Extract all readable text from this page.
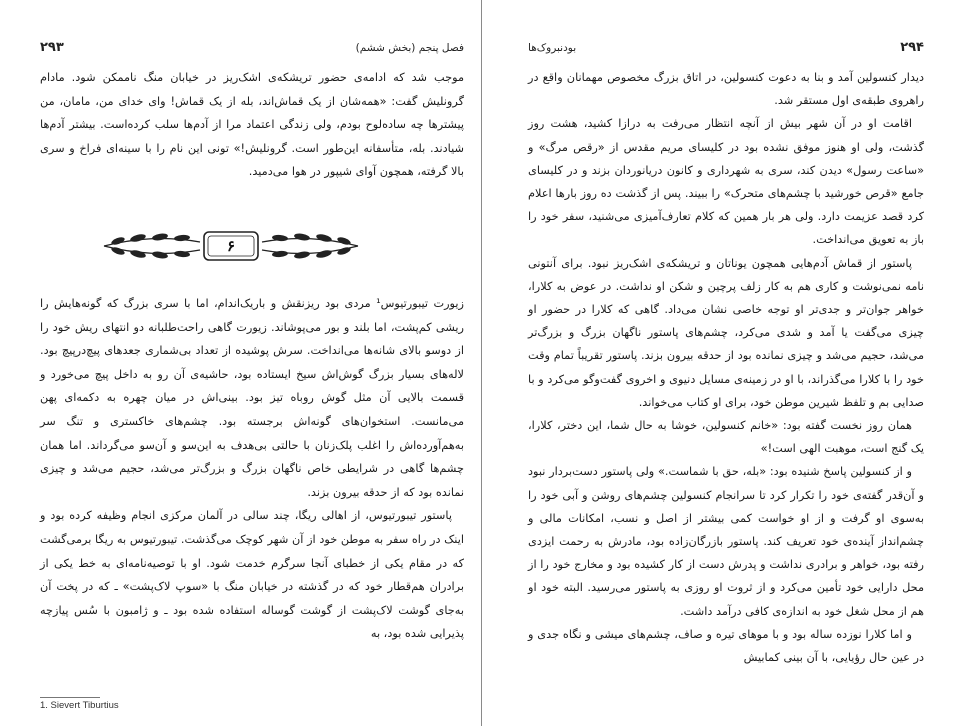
۲۹۳	فصل پنجم (بخش ششم)

موجب شد که ادامه‌ی حضور تریشکه‌ی اشک‌ریز در خیابان منگ ناممکن شود. مادام گرونلیش گفت: «همه‌شان از یک قماش‌اند، بله از یک قماش! وای خدای من، مامان، من پیشترها چه ساده‌لوح بودم، ولی زندگی اعتماد مرا از آدم‌ها سلب کرده‌است. بیشتر آدم‌ها شیادند. بله، متأسفانه این‌طور است. گرونلیش!» تونی این نام را با سینه‌ای فراخ و سری بالا گرفته، همچون آوای شیپور در هوا می‌دمید.

۶

زیورت تیبورتیوس¹ مردی بود ریزنقش و باریک‌اندام، اما با سری بزرگ که گونه‌هایش را ریشی کم‌پشت، اما بلند و بور می‌پوشاند. زیورت گاهی راحت‌طلبانه دو انتهای ریش خود را از دوسو بالای شانه‌ها می‌انداخت. سرش پوشیده از تعداد بی‌شماری جعدهای پیچ‌درپیچ بود. لاله‌های بسیار بزرگ گوش‌اش سیخ ایستاده بود، حاشیه‌ی آن رو به داخل پیچ می‌خورد و قسمت بالایی آن مثل گوش روباه تیز بود. بینی‌اش در میان چهره به دکمه‌ای پهن می‌مانست. استخوان‌های گونه‌اش برجسته بود. چشم‌های خاکستری و تنگ سر به‌هم‌آورده‌اش را اغلب پلک‌زنان با حالتی بی‌هدف به این‌سو و آن‌سو می‌گرداند. اما همان چشم‌ها گاهی در شرایطی خاص ناگهان بزرگ و بزرگ‌تر می‌شد، حجیم می‌شد و چیزی نمانده بود که از حدقه بیرون بزند.

پاستور تیبورتیوس، از اهالی ریگا، چند سالی در آلمان مرکزی انجام وظیفه کرده بود و اینک در راه سفر به موطن خود از آن شهر کوچک می‌گذشت. تیبورتیوس به ریگا برمی‌گشت که در مقام یکی از خطبای آنجا سرگرم خدمت شود. او با توصیه‌نامه‌ای به خط یکی از برادران هم‌قطار خود که در گذشته در خیابان منگ با «سوپ لاک‌پشت» ـ که در پخت آن به‌جای گوشت لاک‌پشت از گوشت گوساله استفاده شده بود ـ و ژامبون با سُس پیازچه پذیرایی شده بود، به

1. Sievert Tiburtius
۲۹۴
بودنبروک‌ها

دیدار کنسولین آمد و بنا به دعوت کنسولین، در اتاق بزرگ مخصوص مهمانان واقع در راهروی طبقه‌ی اول مستقر شد.

اقامت او در آن شهر بیش از آنچه انتظار می‌رفت به درازا کشید، هشت روز گذشت، ولی او هنوز موفق نشده بود در کلیسای مریم مقدس از «رقص مرگ» و «ساعت رسول» دیدن کند، سری به شهرداری و کانون دریانوردان بزند و در کلیسای جامع «قرص خورشید با چشم‌های متحرک» را ببیند. پس از گذشت ده روز بارها اعلام کرد قصد عزیمت دارد. ولی هر بار همین که کلام تعارف‌آمیزی می‌شنید، سفر خود را باز به تعویق می‌انداخت.

پاستور از قماش آدم‌هایی همچون یوناتان و تریشکه‌ی اشک‌ریز نبود. برای آنتونی نامه نمی‌نوشت و کاری هم به کار زلف پرچین و شکن او نداشت. در عوض به کلارا، خواهر جوان‌تر و جدی‌تر او توجه خاصی نشان می‌داد. گاهی که کلارا در حضور او چیزی می‌گفت یا آمد و شدی می‌کرد، چشم‌های پاستور ناگهان بزرگ و بزرگ‌تر می‌شد، حجیم می‌شد و چیزی نمانده بود از حدقه بیرون بزند. پاستور تقریباً تمام وقت خود را با کلارا می‌گذراند، با او در زمینه‌ی مسایل دنیوی و اخروی گفت‌وگو می‌کرد و با صدایی بم و تلفظ شیرین موطن خود، برای او کتاب می‌خواند.

همان روز نخست گفته بود: «خانم کنسولین، خوشا به حال شما، این دختر، کلارا، یک گنج است، موهبت الهی است!»

و از کنسولین پاسخ شنیده بود: «بله، حق با شماست.» ولی پاستور دست‌بردار نبود و آن‌قدر گفته‌ی خود را تکرار کرد تا سرانجام کنسولین چشم‌های روشن و آبی خود را به‌سوی او گرفت و از او خواست کمی بیشتر از اصل و نسب، امکانات مالی و چشم‌انداز آینده‌ی خود تعریف کند. پاستور بازرگان‌زاده بود، مادرش به رحمت ایزدی رفته بود، خواهر و برادری نداشت و پدرش دست از کار کشیده بود و مخارج خود را از محل دارایی خود تأمین می‌کرد و از ثروت او روزی به پاستور می‌رسید. البته خود او هم از محل شغل خود به اندازه‌ی کافی درآمد داشت.

و اما کلارا نوزده ساله بود و با موهای تیره و صاف، چشم‌های میشی و نگاه جدی و در عین حال رؤیایی، با آن بینی کمابیش
